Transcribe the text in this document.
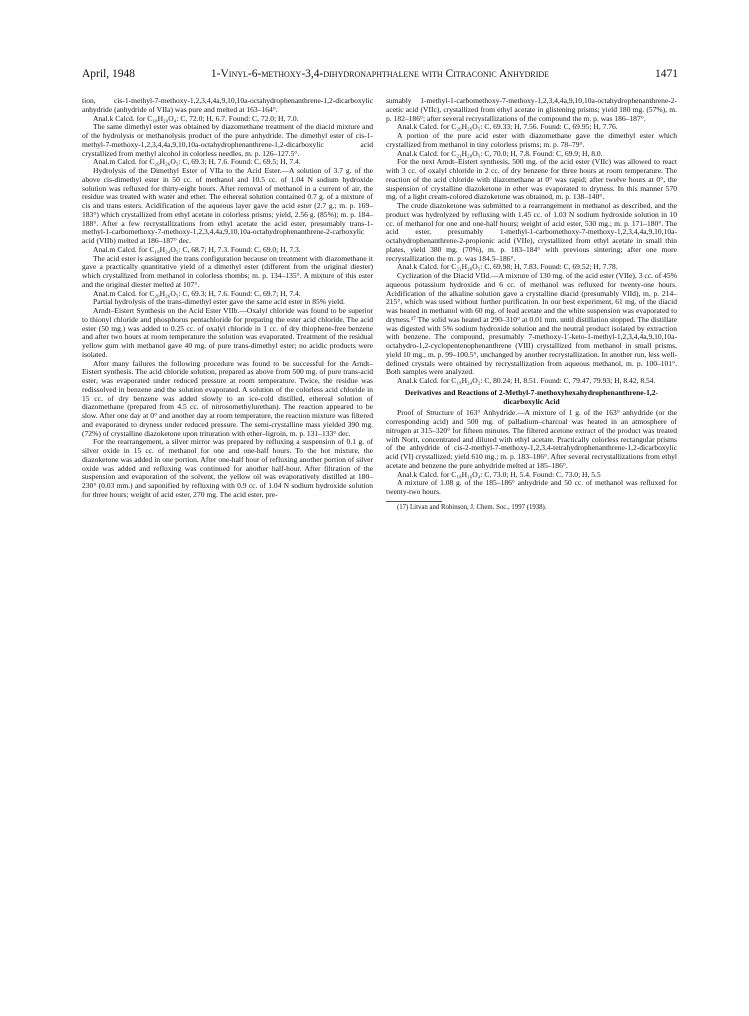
April, 1948	1-Vinyl-6-methoxy-3,4-dihydronaphthalene with Citraconic Anhydride	1471

tion, cis-1-methyl-7-methoxy-1,2,3,4,4a,9,10,10a-octahydrophenanthrene-1,2-dicarboxylic anhydride (anhydride of VIIa) was pure and melted at 163–164°.

Anal.k Calcd. for C₁₈H₂₀O₄: C, 72.0; H, 6.7. Found: C, 72.0; H, 7.0.

The same dimethyl ester was obtained by diazomethane treatment of the diacid mixture and of the hydrolysis or methanolysis product of the pure anhydride. The dimethyl ester of cis-1-methyl-7-methoxy-1,2,3,4,4a,9,10,10a-octahydrophenanthrene-1,2-dicarboxylic acid crystallized from methyl alcohol in colorless needles, m. p. 126–127.5°.

Anal.m Calcd. for C₂₀H₂₆O₅: C, 69.3; H, 7.6. Found: C, 69.5; H, 7.4.

Hydrolysis of the Dimethyl Ester of VIIa to the Acid Ester.—A solution of 3.7 g. of the above cis-dimethyl ester in 50 cc. of methanol and 10.5 cc. of 1.04 N sodium hydroxide solution was refluxed for thirty-eight hours. After removal of methanol in a current of air, the residue was treated with water and ether. The ethereal solution contained 0.7 g. of a mixture of cis and trans esters. Acidification of the aqueous layer gave the acid ester (2.7 g.; m. p. 169–183°) which crystallized from ethyl acetate in colorless prisms; yield, 2.56 g. (85%); m. p. 184–188°. After a few recrystallizations from ethyl acetate the acid ester, presumably trans-1-methyl-1-carbomethoxy-7-methoxy-1,2,3,4,4a,9,10,10a-octahydrophenanthrene-2-carboxylic acid (VIIb) melted at 186–187° dec.

Anal.m Calcd. for C₁₉H₂₄O₅: C, 68.7; H, 7.3. Found: C, 69.0; H, 7.3.

The acid ester is assigned the trans configuration because on treatment with diazomethane it gave a practically quantitative yield of a dimethyl ester (different from the original diester) which crystallized from methanol in colorless rhombs; m. p. 134–135°. A mixture of this ester and the original diester melted at 107°.

Anal.m Calcd. for C₂₀H₂₆O₅: C, 69.3; H, 7.6. Found: C, 69.7; H, 7.4.

Partial hydrolysis of the trans-dimethyl ester gave the same acid ester in 85% yield.

Arndt–Eistert Synthesis on the Acid Ester VIIb.—Oxalyl chloride was found to be superior to thionyl chloride and phosphorus pentachloride for preparing the ester acid chloride. The acid ester (50 mg.) was added to 0.25 cc. of oxalyl chloride in 1 cc. of dry thiophene-free benzene and after two hours at room temperature the solution was evaporated. Treatment of the residual yellow gum with methanol gave 40 mg. of pure trans-dimethyl ester; no acidic products were isolated.

After many failures the following procedure was found to be successful for the Arndt–Eistert synthesis. The acid chloride solution, prepared as above from 500 mg. of pure trans-acid ester, was evaporated under reduced pressure at room temperature. Twice, the residue was redissolved in benzene and the solution evaporated. A solution of the colorless acid chloride in 15 cc. of dry benzene was added slowly to an ice-cold distilled, ethereal solution of diazomethane (prepared from 4.5 cc. of nitrosomethylurethan). The reaction appeared to be slow. After one day at 0° and another day at room temperature, the reaction mixture was filtered and evaporated to dryness under reduced pressure. The semi-crystalline mass yielded 390 mg. (72%) of crystalline diazoketone upon trituration with ether–ligroin, m. p. 131–133° dec.

For the rearrangement, a silver mirror was prepared by refluxing a suspension of 0.1 g. of silver oxide in 15 cc. of methanol for one and one-half hours. To the hot mixture, the diazoketone was added in one portion. After one-half hour of refluxing another portion of silver oxide was added and refluxing was continued for another half-hour. After filtration of the suspension and evaporation of the solvent, the yellow oil was evaporatively distilled at 180–230° (0.03 mm.) and saponified by refluxing with 0.9 cc. of 1.04 N sodium hydroxide solution for three hours; weight of acid ester, 270 mg. The acid ester, pre-

sumably 1-methyl-1-carbomethoxy-7-methoxy-1,2,3,4,4a,9,10,10a-octahydrophenanthrene-2-acetic acid (VIIc), crystallized from ethyl acetate in glistening prisms; yield 180 mg. (57%), m. p. 182–186°; after several recrystallizations of the compound the m. p. was 186–187°.

Anal.k Calcd. for C₂₀H₂₆O₅: C, 69.33; H, 7.56. Found: C, 69.95; H, 7.76.

A portion of the pure acid ester with diazomethane gave the dimethyl ester which crystallized from methanol in tiny colorless prisms; m. p. 78–79°.

Anal.k Calcd. for C₂₁H₂₈O₅: C, 70.0; H, 7.8. Found: C, 69.9; H, 8.0.

For the next Arndt–Eistert synthesis, 500 mg. of the acid ester (VIIc) was allowed to react with 3 cc. of oxalyl chloride in 2 cc. of dry benzene for three hours at room temperature. The reaction of the acid chloride with diazomethane at 0° was rapid; after twelve hours at 0°, the suspension of crystalline diazoketone in ether was evaporated to dryness. In this manner 570 mg. of a light cream-colored diazoketone was obtained, m. p. 138–140°.

The crude diazoketone was submitted to a rearrangement in methanol as described, and the product was hydrolyzed by refluxing with 1.45 cc. of 1.03 N sodium hydroxide solution in 10 cc. of methanol for one and one-half hours; weight of acid ester, 530 mg.; m. p. 171–180°. The acid ester, presumably 1-methyl-1-carbomethoxy-7-methoxy-1,2,3,4,4a,9,10,10a-octahydrophenanthrene-2-propionic acid (VIIe), crystallized from ethyl acetate in small thin plates, yield 380 mg. (70%), m. p. 183–184° with previous sintering; after one more recrystallization the m. p. was 184.5–186°.

Anal.k Calcd. for C₂₁H₂₈O₅: C, 69.98; H, 7.83. Found: C, 69.52; H, 7.78.

Cyclization of the Diacid VIId.—A mixture of 130 mg. of the acid ester (VIIe), 3 cc. of 45% aqueous potassium hydroxide and 6 cc. of methanol was refluxed for twenty-one hours. Acidification of the alkaline solution gave a crystalline diacid (presumably VIId), m. p. 214–215°, which was used without further purification. In our best experiment, 61 mg. of the diacid was heated in methanol with 60 mg. of lead acetate and the white suspension was evaporated to dryness.¹⁷ The solid was heated at 290–310° at 0.01 mm. until distillation stopped. The distillate was digested with 5% sodium hydroxide solution and the neutral product isolated by extraction with benzene. The compound, presumably 7-methoxy-1′-keto-1-methyl-1,2,3,4,4a,9,10,10a-octahydro-1,2-cyclopentenophenanthrene (VIII) crystallized from methanol in small prisms, yield 10 mg., m. p. 99–100.5°, unchanged by another recrystallization. In another run, less well-defined crystals were obtained by recrystallization from aqueous methanol, m. p. 100–101°. Both samples were analyzed.

Anal.k Calcd. for C₁₉H₂₄O₂: C, 80.24; H, 8.51. Found: C, 79.47, 79.93; H, 8.42, 8.54.

Derivatives and Reactions of 2-Methyl-7-methoxyhexahydrophenanthrene-1,2-dicarboxylic Acid

Proof of Structure of 163° Anhydride.—A mixture of 1 g. of the 163° anhydride (or the corresponding acid) and 500 mg. of palladium–charcoal was heated in an atmosphere of nitrogen at 315–320° for fifteen minutes. The filtered acetone extract of the product was treated with Norit, concentrated and diluted with ethyl acetate. Practically colorless rectangular prisms of the anhydride of cis-2-methyl-7-methoxy-1,2,3,4-tetrahydrophenanthrene-1,2-dicarboxylic acid (VI) crystallized; yield 610 mg.; m. p. 183–186°. After several recrystallizations from ethyl acetate and benzene the pure anhydride melted at 185–186°.

Anal.k Calcd. for C₁₈H₁₆O₄: C, 73.0; H, 5.4. Found: C, 73.0; H, 5.5

A mixture of 1.08 g. of the 185–186° anhydride and 50 cc. of methanol was refluxed for twenty-two hours.

(17) Litvan and Robinson, J. Chem. Soc., 1997 (1938).
